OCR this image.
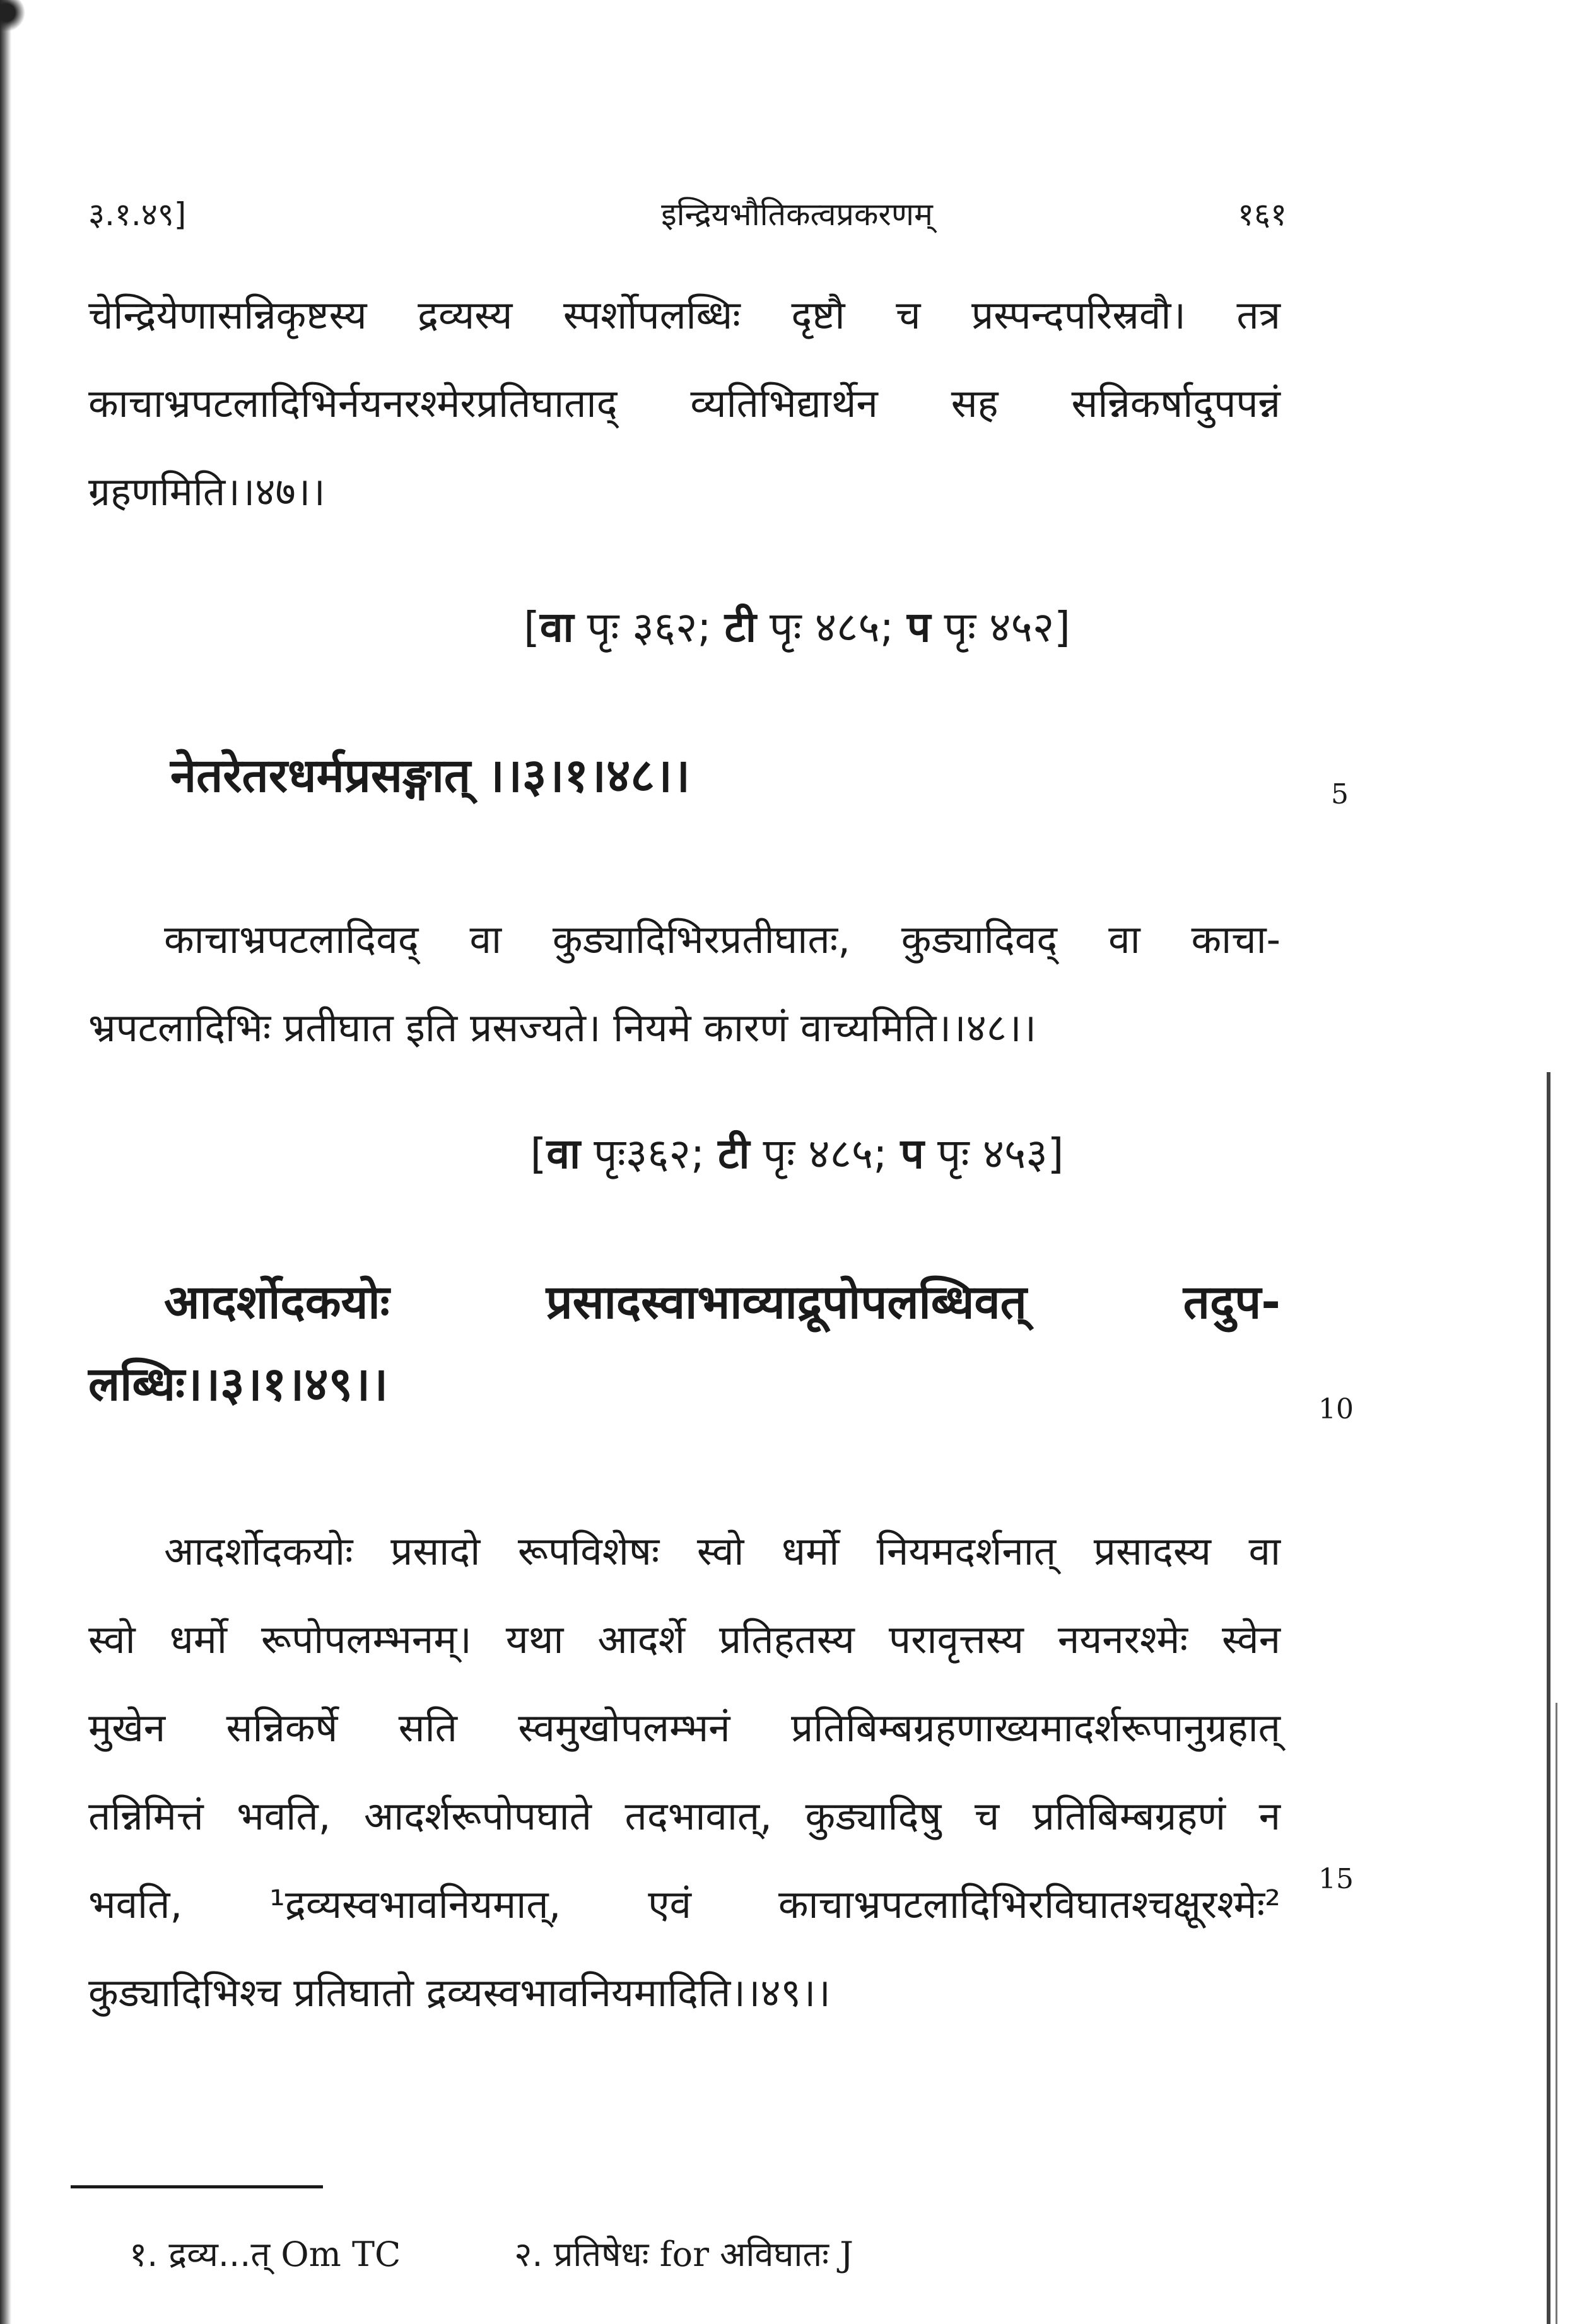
३.१.४९]	इन्द्रियभौतिकत्वप्रकरणम्	१६१
चेन्द्रियेणासन्निकृष्टस्य द्रव्यस्य स्पर्शोपलब्धिः दृष्टौ च प्रस्पन्दपरिस्रवौ। तत्र
काचाभ्रपटलादिभिर्नयनरश्मेरप्रतिघाताद् व्यतिभिद्यार्थेन सह सन्निकर्षादुपपन्नं
ग्रहणमिति।।४७।।
[वा पृः ३६२; टी पृः ४८५; प पृः ४५२]
नेतरेतरधर्मप्रसङ्गात् ।।३।१।४८।।	5
काचाभ्रपटलादिवद् वा कुड्यादिभिरप्रतीघातः, कुड्यादिवद् वा काचा-
भ्रपटलादिभिः प्रतीघात इति प्रसज्यते। नियमे कारणं वाच्यमिति।।४८।।
[वा पृः३६२; टी पृः ४८५; प पृः ४५३]
आदर्शोदकयोः प्रसादस्वाभाव्याद्रूपोपलब्धिवत् तदुप-
लब्धिः।।३।१।४९।।	10
आदर्शोदकयोः प्रसादो रूपविशेषः स्वो धर्मो नियमदर्शनात् प्रसादस्य वा
स्वो धर्मो रूपोपलम्भनम्। यथा आदर्शे प्रतिहतस्य परावृत्तस्य नयनरश्मेः स्वेन
मुखेन सन्निकर्षे सति स्वमुखोपलम्भनं प्रतिबिम्बग्रहणाख्यमादर्शरूपानुग्रहात्
तन्निमित्तं भवति, आदर्शरूपोपघाते तदभावात्, कुड्यादिषु च प्रतिबिम्बग्रहणं न
भवति, ¹द्रव्यस्वभावनियमात्, एवं काचाभ्रपटलादिभिरविघातश्चक्षूरश्मेः²
कुड्यादिभिश्च प्रतिघातो द्रव्यस्वभावनियमादिति।।४९।।
15
१. द्रव्य...त् Om TC	२. प्रतिषेधः for अविघातः J
